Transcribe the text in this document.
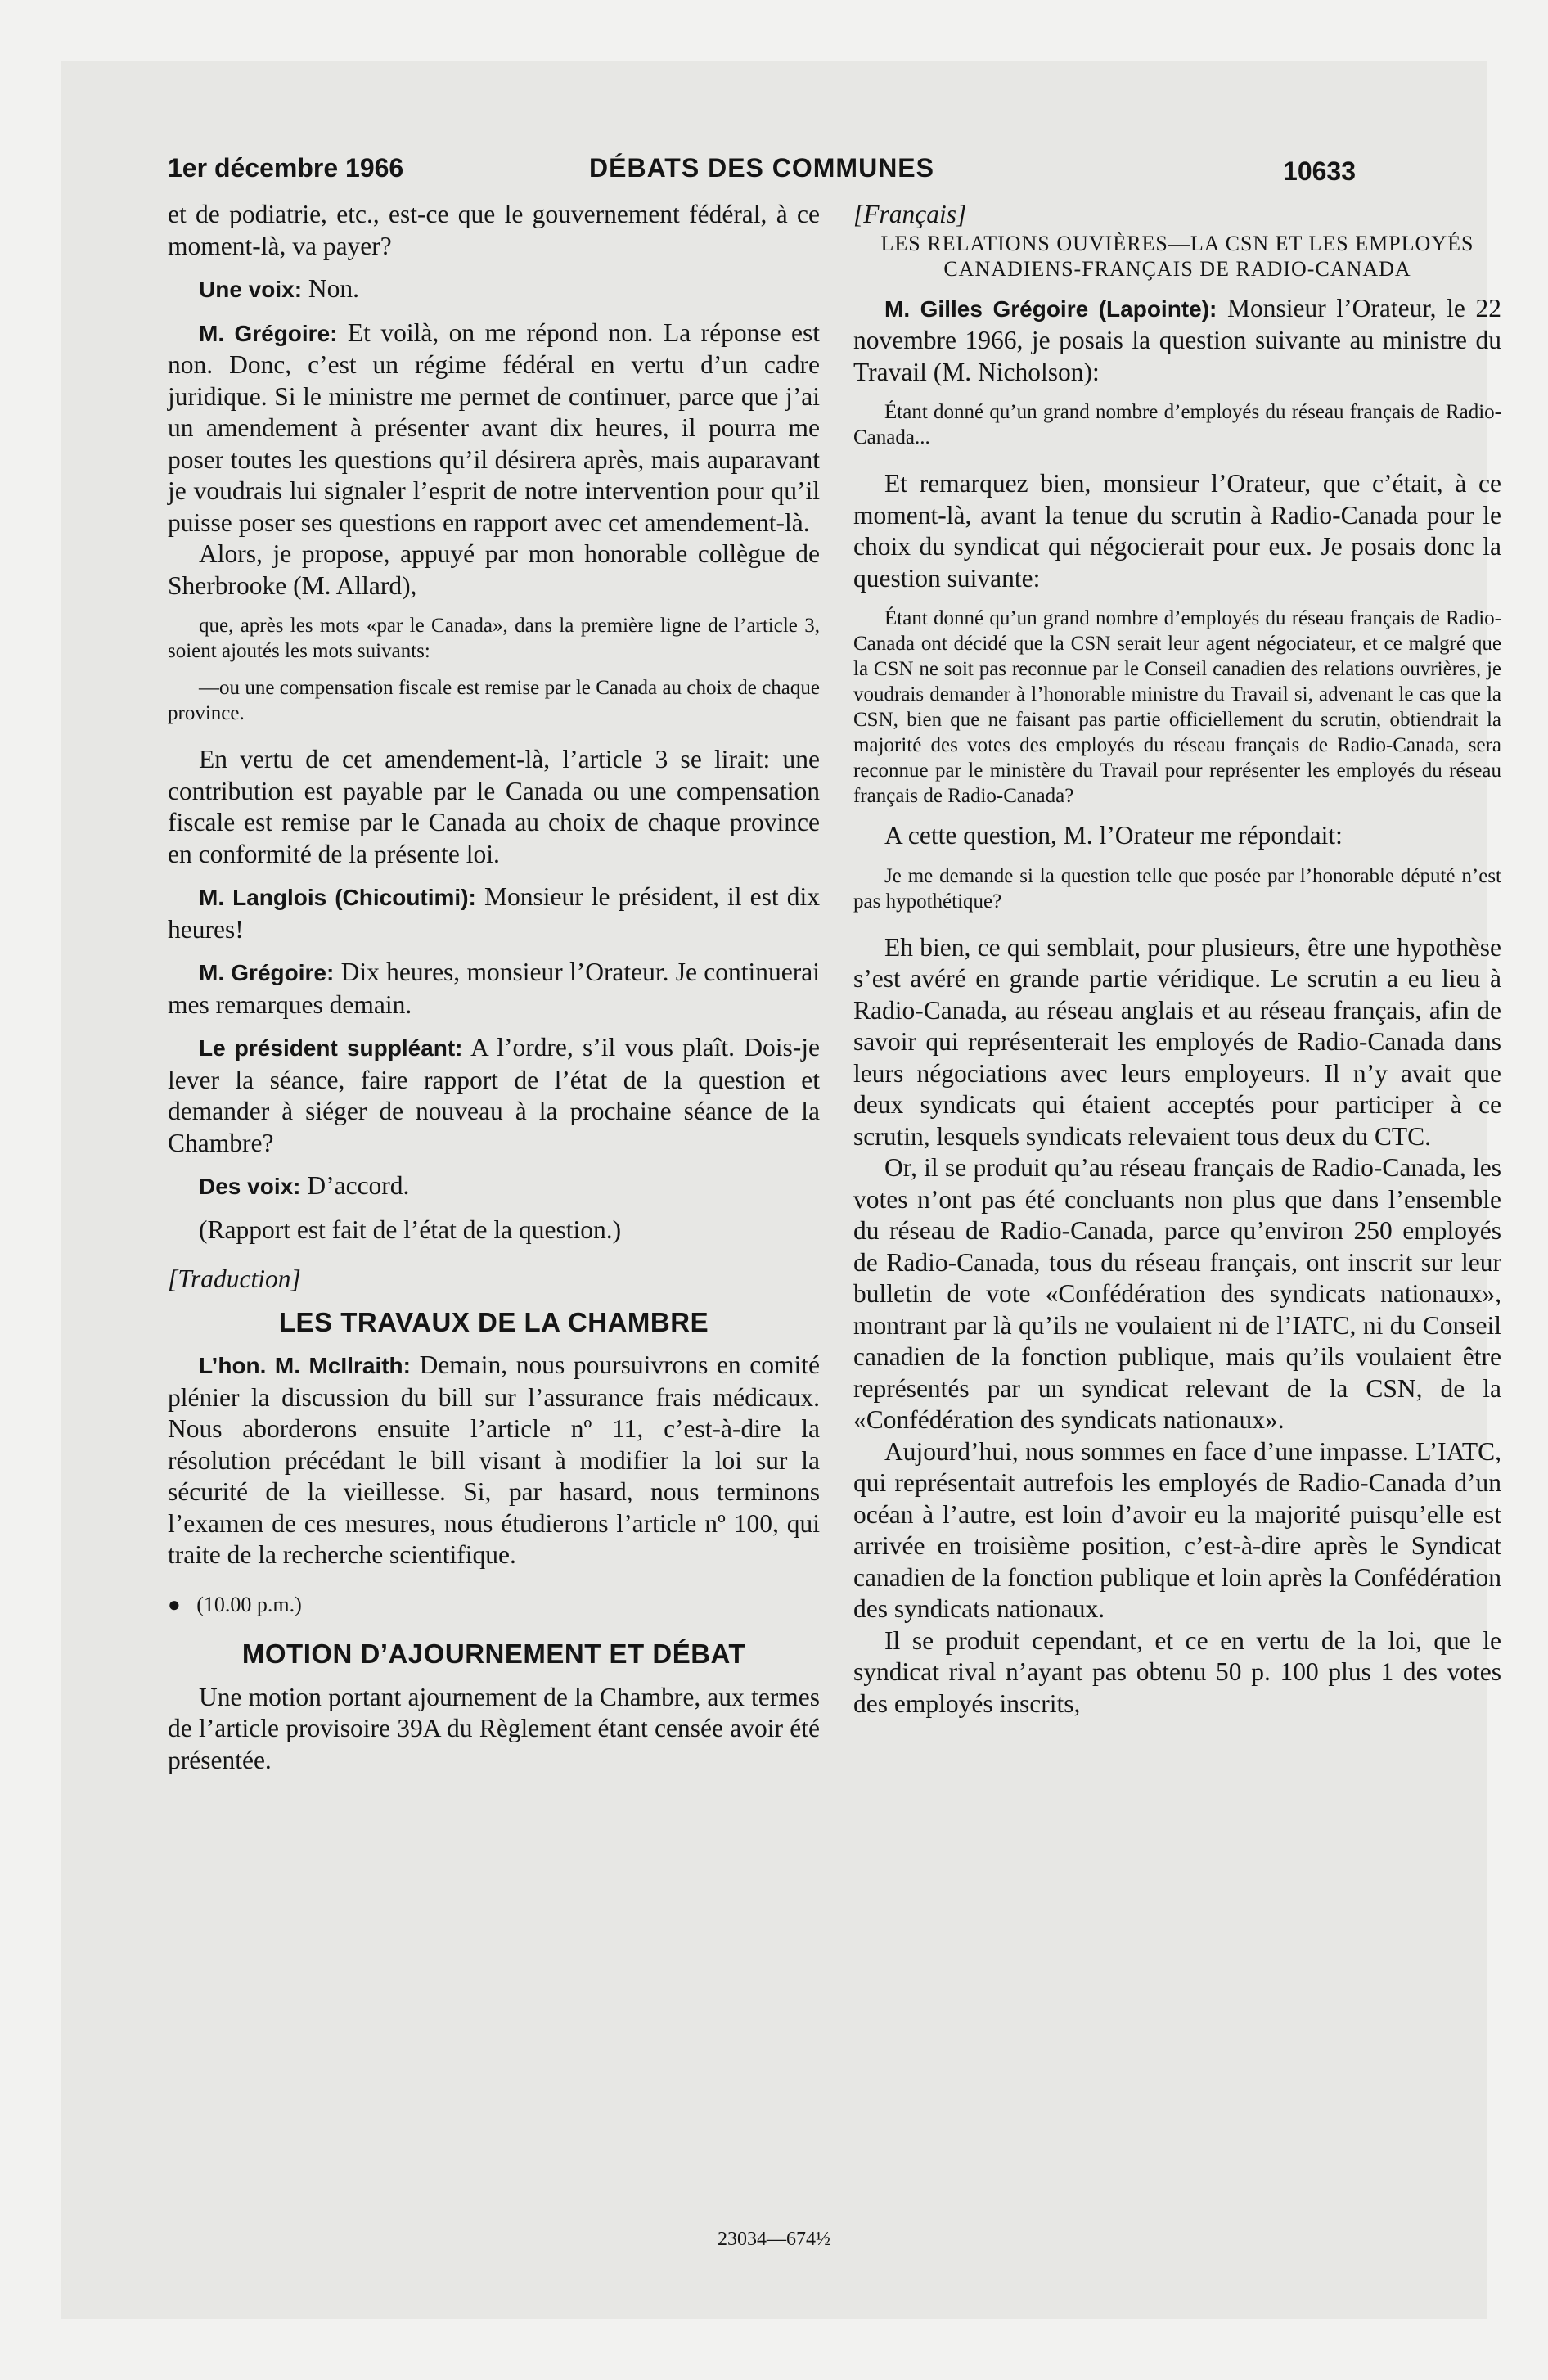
1er décembre 1966	DÉBATS DES COMMUNES	10633

et de podiatrie, etc., est-ce que le gouvernement fédéral, à ce moment-là, va payer?

Une voix: Non.

M. Grégoire: Et voilà, on me répond non. La réponse est non. Donc, c’est un régime fédéral en vertu d’un cadre juridique. Si le ministre me permet de continuer, parce que j’ai un amendement à présenter avant dix heures, il pourra me poser toutes les questions qu’il désirera après, mais auparavant je voudrais lui signaler l’esprit de notre intervention pour qu’il puisse poser ses questions en rapport avec cet amendement-là.

Alors, je propose, appuyé par mon honorable collègue de Sherbrooke (M. Allard),

que, après les mots «par le Canada», dans la première ligne de l’article 3, soient ajoutés les mots suivants:

—ou une compensation fiscale est remise par le Canada au choix de chaque province.

En vertu de cet amendement-là, l’article 3 se lirait: une contribution est payable par le Canada ou une compensation fiscale est remise par le Canada au choix de chaque province en conformité de la présente loi.

M. Langlois (Chicoutimi): Monsieur le président, il est dix heures!

M. Grégoire: Dix heures, monsieur l’Orateur. Je continuerai mes remarques demain.

Le président suppléant: A l’ordre, s’il vous plaît. Dois-je lever la séance, faire rapport de l’état de la question et demander à siéger de nouveau à la prochaine séance de la Chambre?

Des voix: D’accord.

(Rapport est fait de l’état de la question.)

[Traduction]

LES TRAVAUX DE LA CHAMBRE

L’hon. M. McIlraith: Demain, nous poursuivrons en comité plénier la discussion du bill sur l’assurance frais médicaux. Nous aborderons ensuite l’article nº 11, c’est-à-dire la résolution précédant le bill visant à modifier la loi sur la sécurité de la vieillesse. Si, par hasard, nous terminons l’examen de ces mesures, nous étudierons l’article nº 100, qui traite de la recherche scientifique.

● (10.00 p.m.)

MOTION D’AJOURNEMENT ET DÉBAT

Une motion portant ajournement de la Chambre, aux termes de l’article provisoire 39A du Règlement étant censée avoir été présentée.

[Français]

LES RELATIONS OUVIÈRES—LA CSN ET LES EMPLOYÉS CANADIENS-FRANÇAIS DE RADIO-CANADA

M. Gilles Grégoire (Lapointe): Monsieur l’Orateur, le 22 novembre 1966, je posais la question suivante au ministre du Travail (M. Nicholson):

Étant donné qu’un grand nombre d’employés du réseau français de Radio-Canada...

Et remarquez bien, monsieur l’Orateur, que c’était, à ce moment-là, avant la tenue du scrutin à Radio-Canada pour le choix du syndicat qui négocierait pour eux. Je posais donc la question suivante:

Étant donné qu’un grand nombre d’employés du réseau français de Radio-Canada ont décidé que la CSN serait leur agent négociateur, et ce malgré que la CSN ne soit pas reconnue par le Conseil canadien des relations ouvrières, je voudrais demander à l’honorable ministre du Travail si, advenant le cas que la CSN, bien que ne faisant pas partie officiellement du scrutin, obtiendrait la majorité des votes des employés du réseau français de Radio-Canada, sera reconnue par le ministère du Travail pour représenter les employés du réseau français de Radio-Canada?

A cette question, M. l’Orateur me répondait:

Je me demande si la question telle que posée par l’honorable député n’est pas hypothétique?

Eh bien, ce qui semblait, pour plusieurs, être une hypothèse s’est avéré en grande partie véridique. Le scrutin a eu lieu à Radio-Canada, au réseau anglais et au réseau français, afin de savoir qui représenterait les employés de Radio-Canada dans leurs négociations avec leurs employeurs. Il n’y avait que deux syndicats qui étaient acceptés pour participer à ce scrutin, lesquels syndicats relevaient tous deux du CTC.

Or, il se produit qu’au réseau français de Radio-Canada, les votes n’ont pas été concluants non plus que dans l’ensemble du réseau de Radio-Canada, parce qu’environ 250 employés de Radio-Canada, tous du réseau français, ont inscrit sur leur bulletin de vote «Confédération des syndicats nationaux», montrant par là qu’ils ne voulaient ni de l’IATC, ni du Conseil canadien de la fonction publique, mais qu’ils voulaient être représentés par un syndicat relevant de la CSN, de la «Confédération des syndicats nationaux».

Aujourd’hui, nous sommes en face d’une impasse. L’IATC, qui représentait autrefois les employés de Radio-Canada d’un océan à l’autre, est loin d’avoir eu la majorité puisqu’elle est arrivée en troisième position, c’est-à-dire après le Syndicat canadien de la fonction publique et loin après la Confédération des syndicats nationaux.

Il se produit cependant, et ce en vertu de la loi, que le syndicat rival n’ayant pas obtenu 50 p. 100 plus 1 des votes des employés inscrits,

23034—674½
